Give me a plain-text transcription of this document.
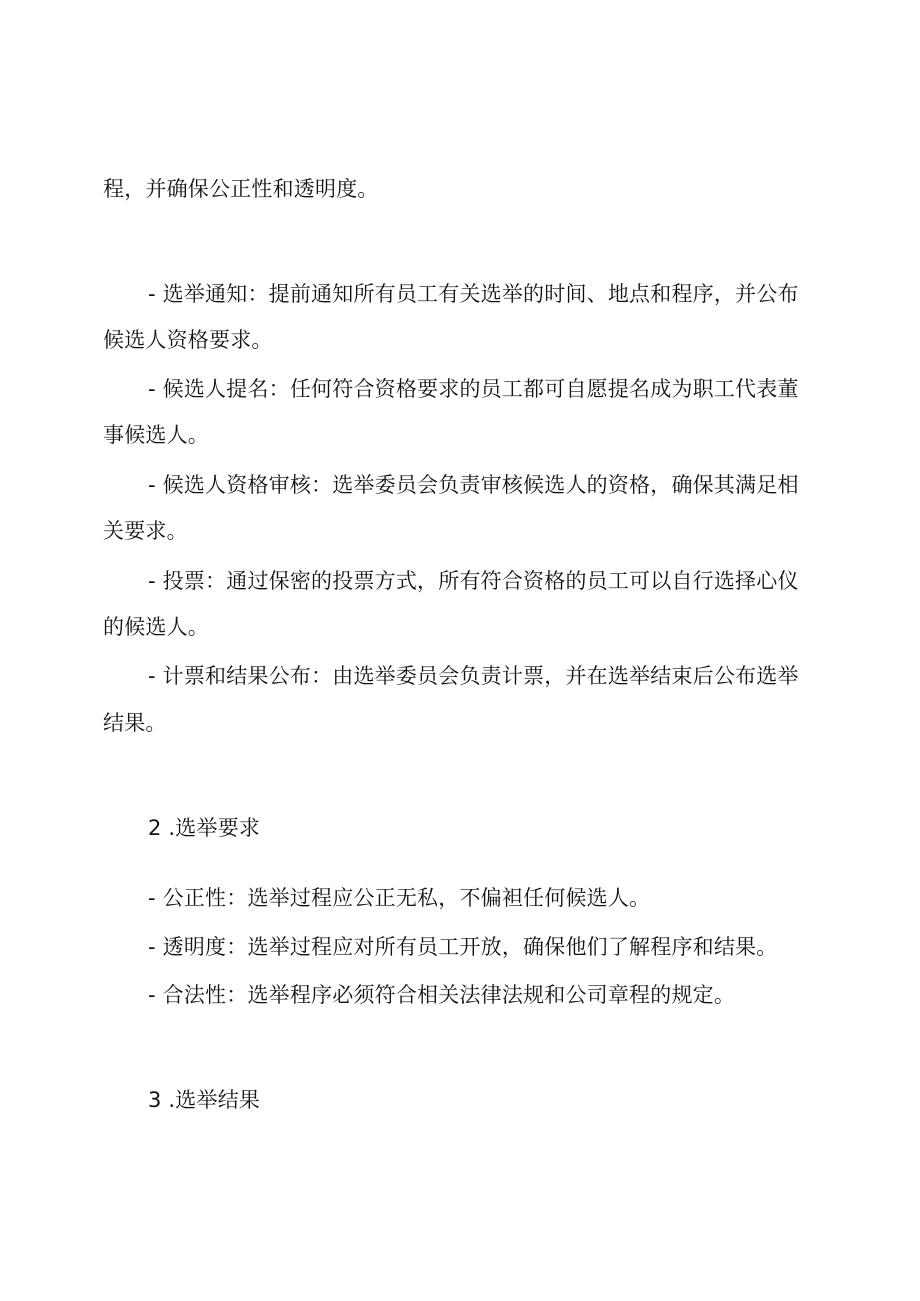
程，并确保公正性和透明度。
- 选举通知：提前通知所有员工有关选举的时间、地点和程序，并公布
候选人资格要求。
- 候选人提名：任何符合资格要求的员工都可自愿提名成为职工代表董
事候选人。
- 候选人资格审核：选举委员会负责审核候选人的资格，确保其满足相
关要求。
- 投票：通过保密的投票方式，所有符合资格的员工可以自行选择心仪
的候选人。
- 计票和结果公布：由选举委员会负责计票，并在选举结束后公布选举
结果。
2 .选举要求
- 公正性：选举过程应公正无私，不偏袒任何候选人。
- 透明度：选举过程应对所有员工开放，确保他们了解程序和结果。
- 合法性：选举程序必须符合相关法律法规和公司章程的规定。
3 .选举结果
